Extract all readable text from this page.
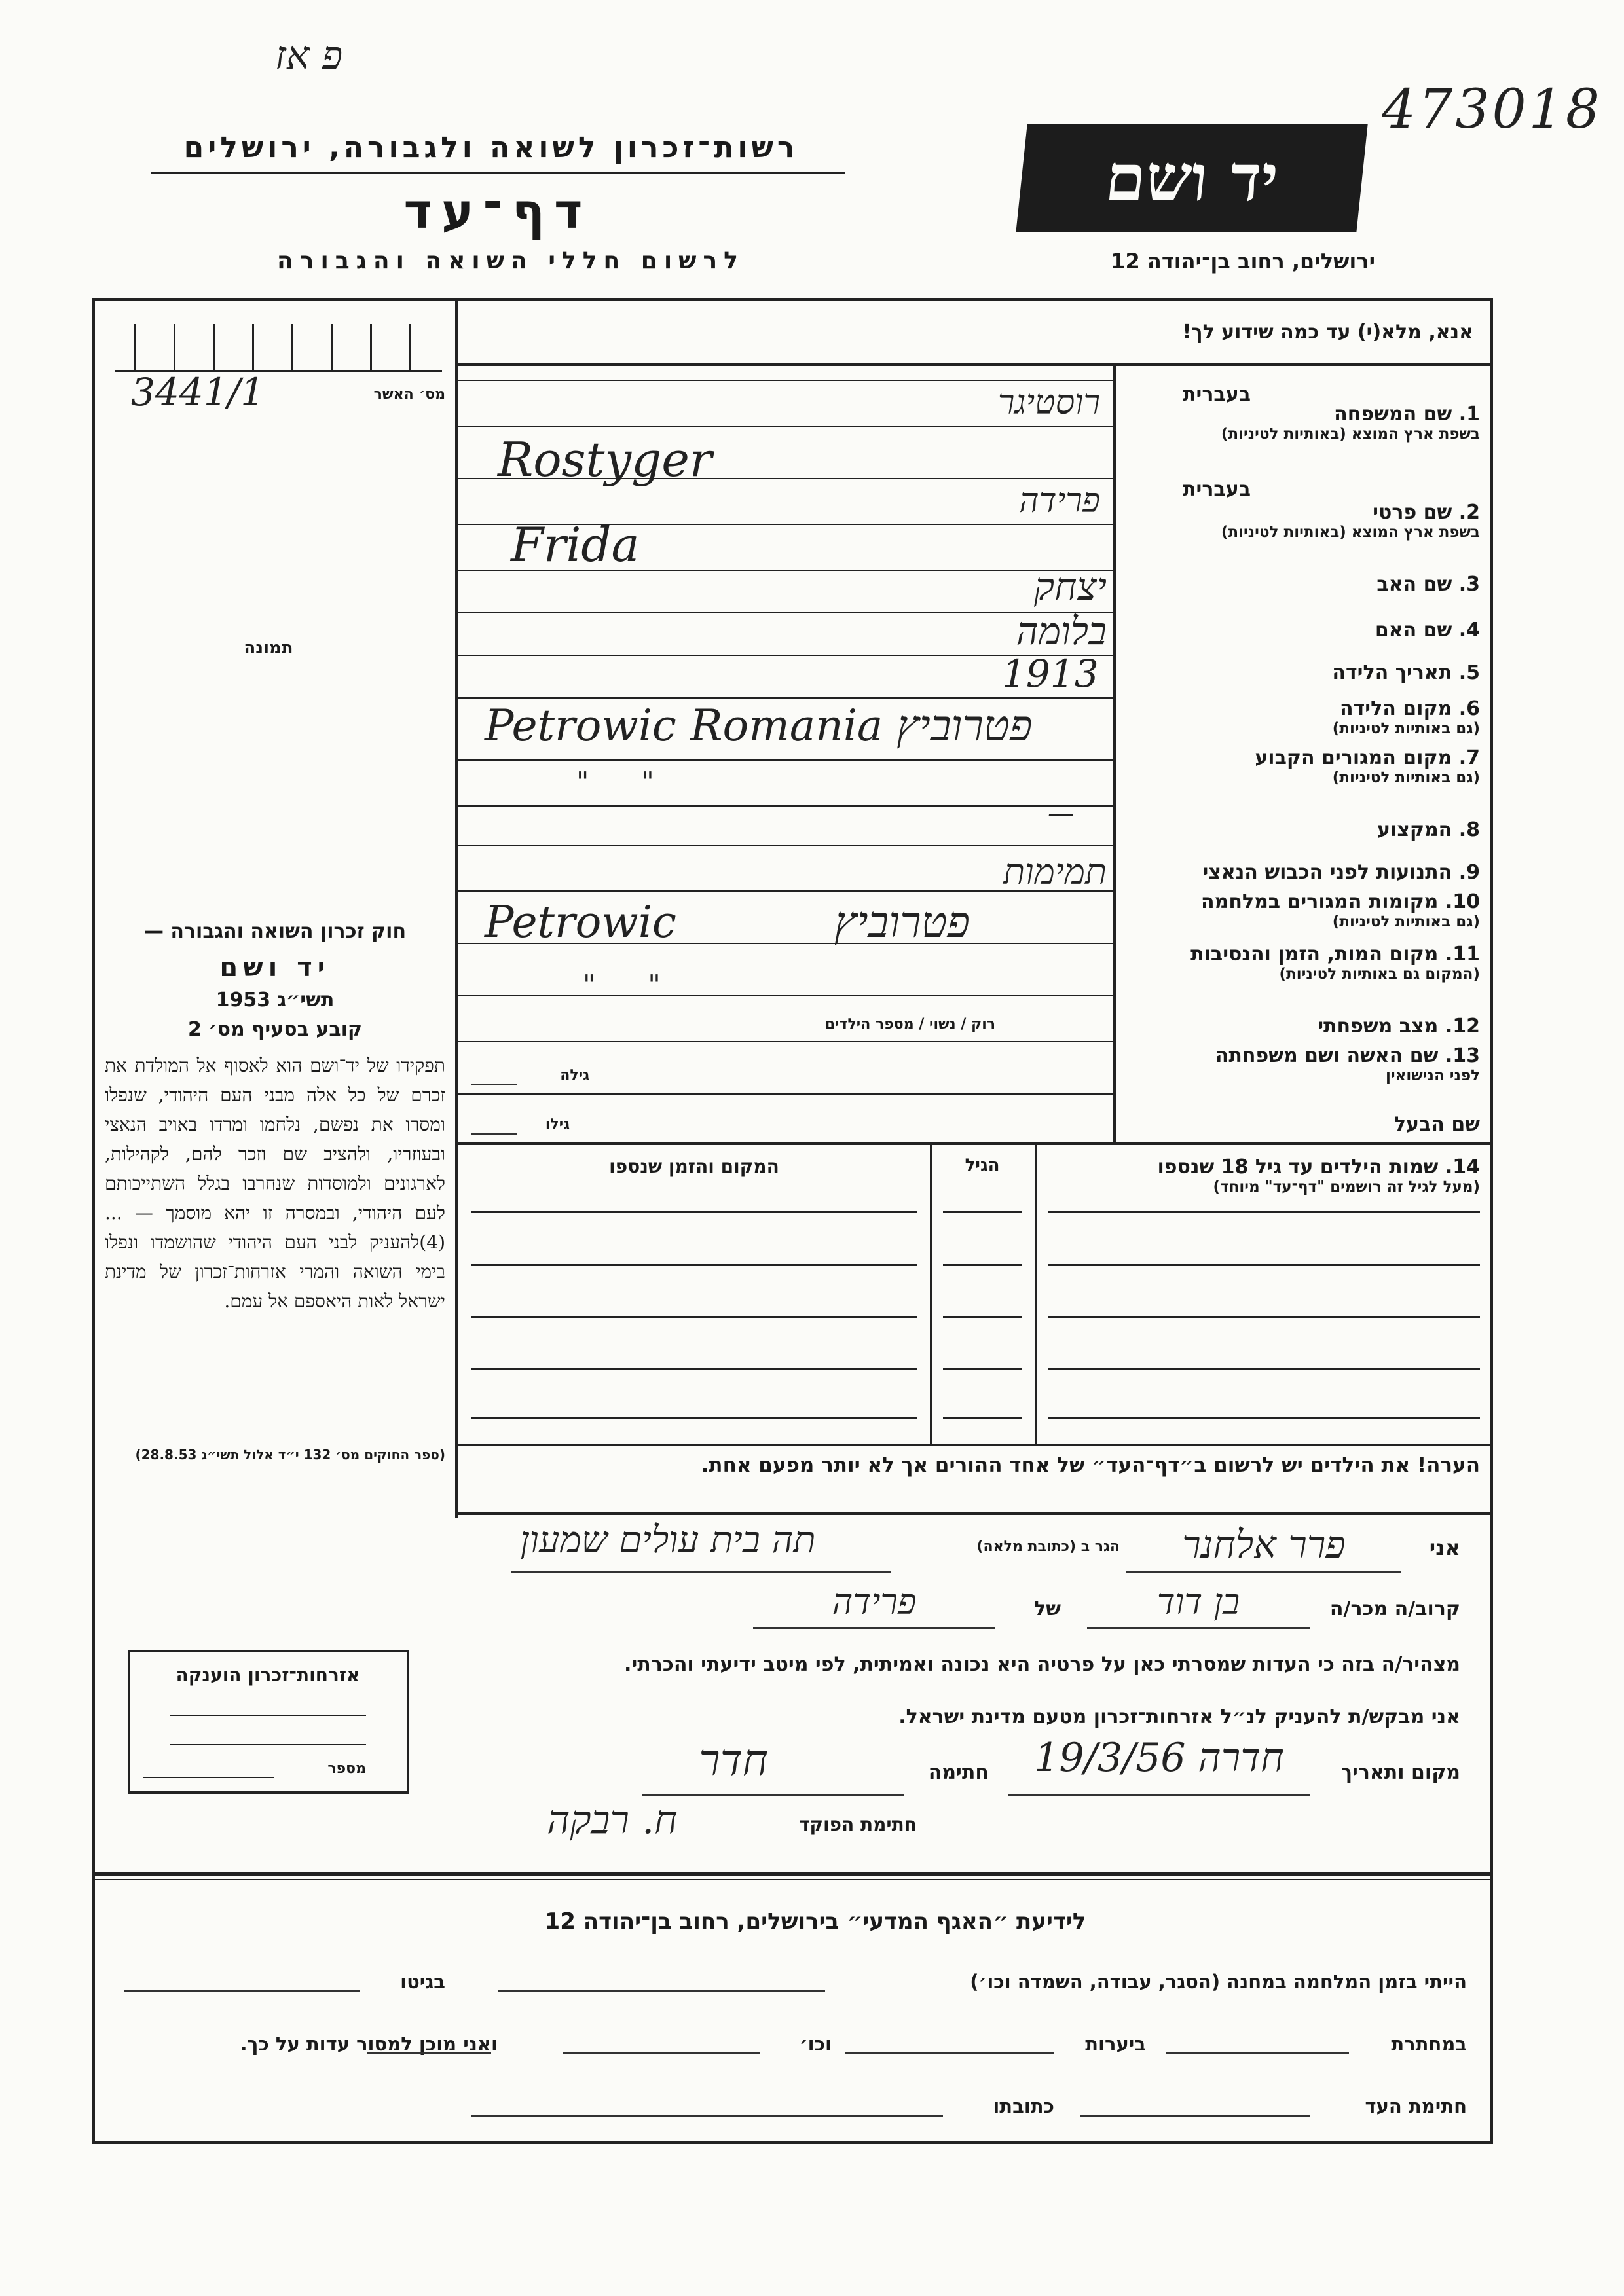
פ אז
473018
רשות־זכרון לשואה ולגבורה, ירושלים
דף־עד
לרשום חללי השואה והגבורה
יד ושם
ירושלים, רחוב בן־יהודה 12
3441/1	מס׳ האשר
תמונה
חוק זכרון השואה והגבורה —
יד ושם
תשי״ג 1953
קובע בסעיף מס׳ 2
תפקידו של יד־ושם הוא לאסוף אל המולדת את זכרם של כל אלה מבני העם היהודי, שנפלו ומסרו את נפשם, נלחמו ומרדו באויב הנאצי ובעוזריו, ולהציב שם וזכר להם, לקהילות, לארגונים ולמוסדות שנחרבו בגלל השתייכותם לעם היהודי, ובמסרה זו יהא מוסמך — ...(4)להעניק לבני העם היהודי שהושמדו ונפלו בימי השואה והמרי אזרחות־זכרון של מדינת ישראל לאות היאספם אל עמם.
(ספר החוקים מס׳ 132 י״ד אלול תשי״ג 28.8.53)
אזרחות־זכרון הוענקה
מספר
אנא, מלא(י) עד כמה שידוע לך!
בעברית
1. שם המשפחה
בשפת ארץ המוצא (באותיות לטיניות)
רוסטיגר
Rostyger
בעברית
2. שם פרטי
בשפת ארץ המוצא (באותיות לטיניות)
פרידה
Frida
3. שם האב
יצחק
4. שם האם
בלומה
5. תאריך הלידה
1913
6. מקום הלידה
(גם באותיות לטיניות)
Petrowic Romania פטרוביץ
7. מקום המגורים הקבוע
(גם באותיות לטיניות)
"      "
8. המקצוע
—
9. התנועות לפני הכבוש הנאצי
תמימות
10. מקומות המגורים במלחמה
(גם באותיות לטיניות)
Petrowic פטרוביץ
11. מקום המות, הזמן והנסיבות
(המקום גם באותיות לטיניות)
"      "
12. מצב משפחתי
רוק / נשוי / מספר הילדים
13. שם האשה ושם משפחתה
לפני הנישואין
גילה
שם הבעל
גילו
14. שמות הילדים עד גיל 18 שנספו
(מעל לגיל זה רושמים "דף־עד" מיוחד)
הגיל
המקום והזמן שנספו
הערה! את הילדים יש לרשום ב״דף־העד״ של אחד ההורים אך לא יותר מפעם אחת.
אני
פרר אלחנר
הגר ב (כתובת מלאה)
תה בית עולים שמעון
קרוב/ה מכר/ה
בן דוד
של
פרידה
מצהיר/ה בזה כי העדות שמסרתי כאן על פרטיה היא נכונה ואמיתית, לפי מיטב ידיעתי והכרתי.
אני מבקש/ת להעניק לנ״ל אזרחות־זכרון מטעם מדינת ישראל.
מקום ותאריך
חדרה 19/3/56
חתימה
חדר
חתימת הפוקד
ח. רבקה
לידיעת ״האגף המדעי״ בירושלים, רחוב בן־יהודה 12
הייתי בזמן המלחמה במחנה (הסגר, עבודה, השמדה וכו׳)
בגיטו
במחתרת
ביערות
וכו׳
ואני מוכן למסור עדות על כך.
חתימת העד
כתובתו
